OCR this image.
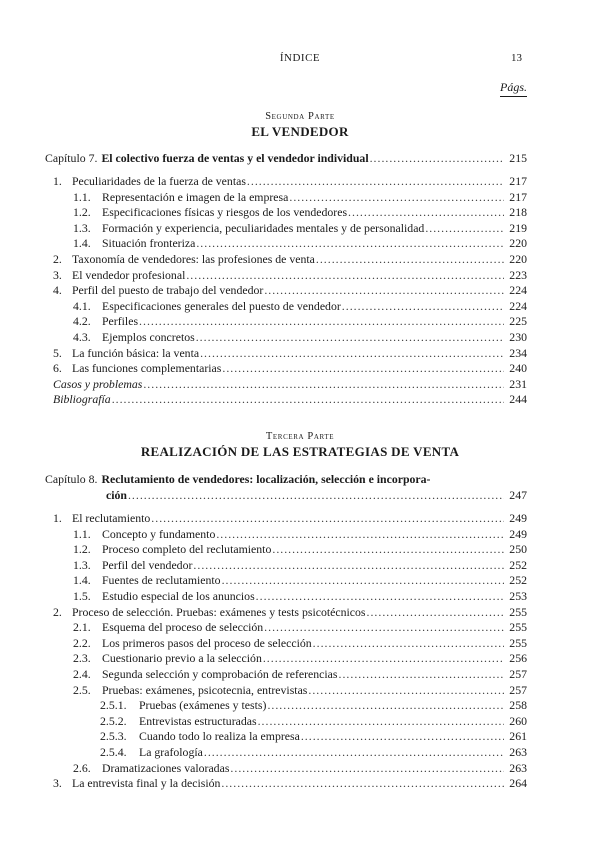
ÍNDICE	13
Págs.
Segunda Parte
EL VENDEDOR
Capítulo 7. El colectivo fuerza de ventas y el vendedor individual .....	215
1. Peculiaridades de la fuerza de ventas .....	217
1.1. Representación e imagen de la empresa .....	217
1.2. Especificaciones físicas y riesgos de los vendedores .....	218
1.3. Formación y experiencia, peculiaridades mentales y de personalidad .....	219
1.4. Situación fronteriza .....	220
2. Taxonomía de vendedores: las profesiones de venta .....	220
3. El vendedor profesional .....	223
4. Perfil del puesto de trabajo del vendedor .....	224
4.1. Especificaciones generales del puesto de vendedor .....	224
4.2. Perfiles .....	225
4.3. Ejemplos concretos .....	230
5. La función básica: la venta .....	234
6. Las funciones complementarias .....	240
Casos y problemas .....	231
Bibliografía .....	244
Tercera Parte
REALIZACIÓN DE LAS ESTRATEGIAS DE VENTA
Capítulo 8. Reclutamiento de vendedores: localización, selección e incorpora-
ción .....	247
1. El reclutamiento .....	249
1.1. Concepto y fundamento .....	249
1.2. Proceso completo del reclutamiento .....	250
1.3. Perfil del vendedor .....	252
1.4. Fuentes de reclutamiento .....	252
1.5. Estudio especial de los anuncios .....	253
2. Proceso de selección. Pruebas: exámenes y tests psicotécnicos .....	255
2.1. Esquema del proceso de selección .....	255
2.2. Los primeros pasos del proceso de selección .....	255
2.3. Cuestionario previo a la selección .....	256
2.4. Segunda selección y comprobación de referencias .....	257
2.5. Pruebas: exámenes, psicotecnia, entrevistas .....	257
2.5.1.	Pruebas (exámenes y tests) .....	258
2.5.2.	Entrevistas estructuradas .....	260
2.5.3.	Cuando todo lo realiza la empresa .....	261
2.5.4.	La grafología .....	263
2.6. Dramatizaciones valoradas .....	263
3. La entrevista final y la decisión .....	264
